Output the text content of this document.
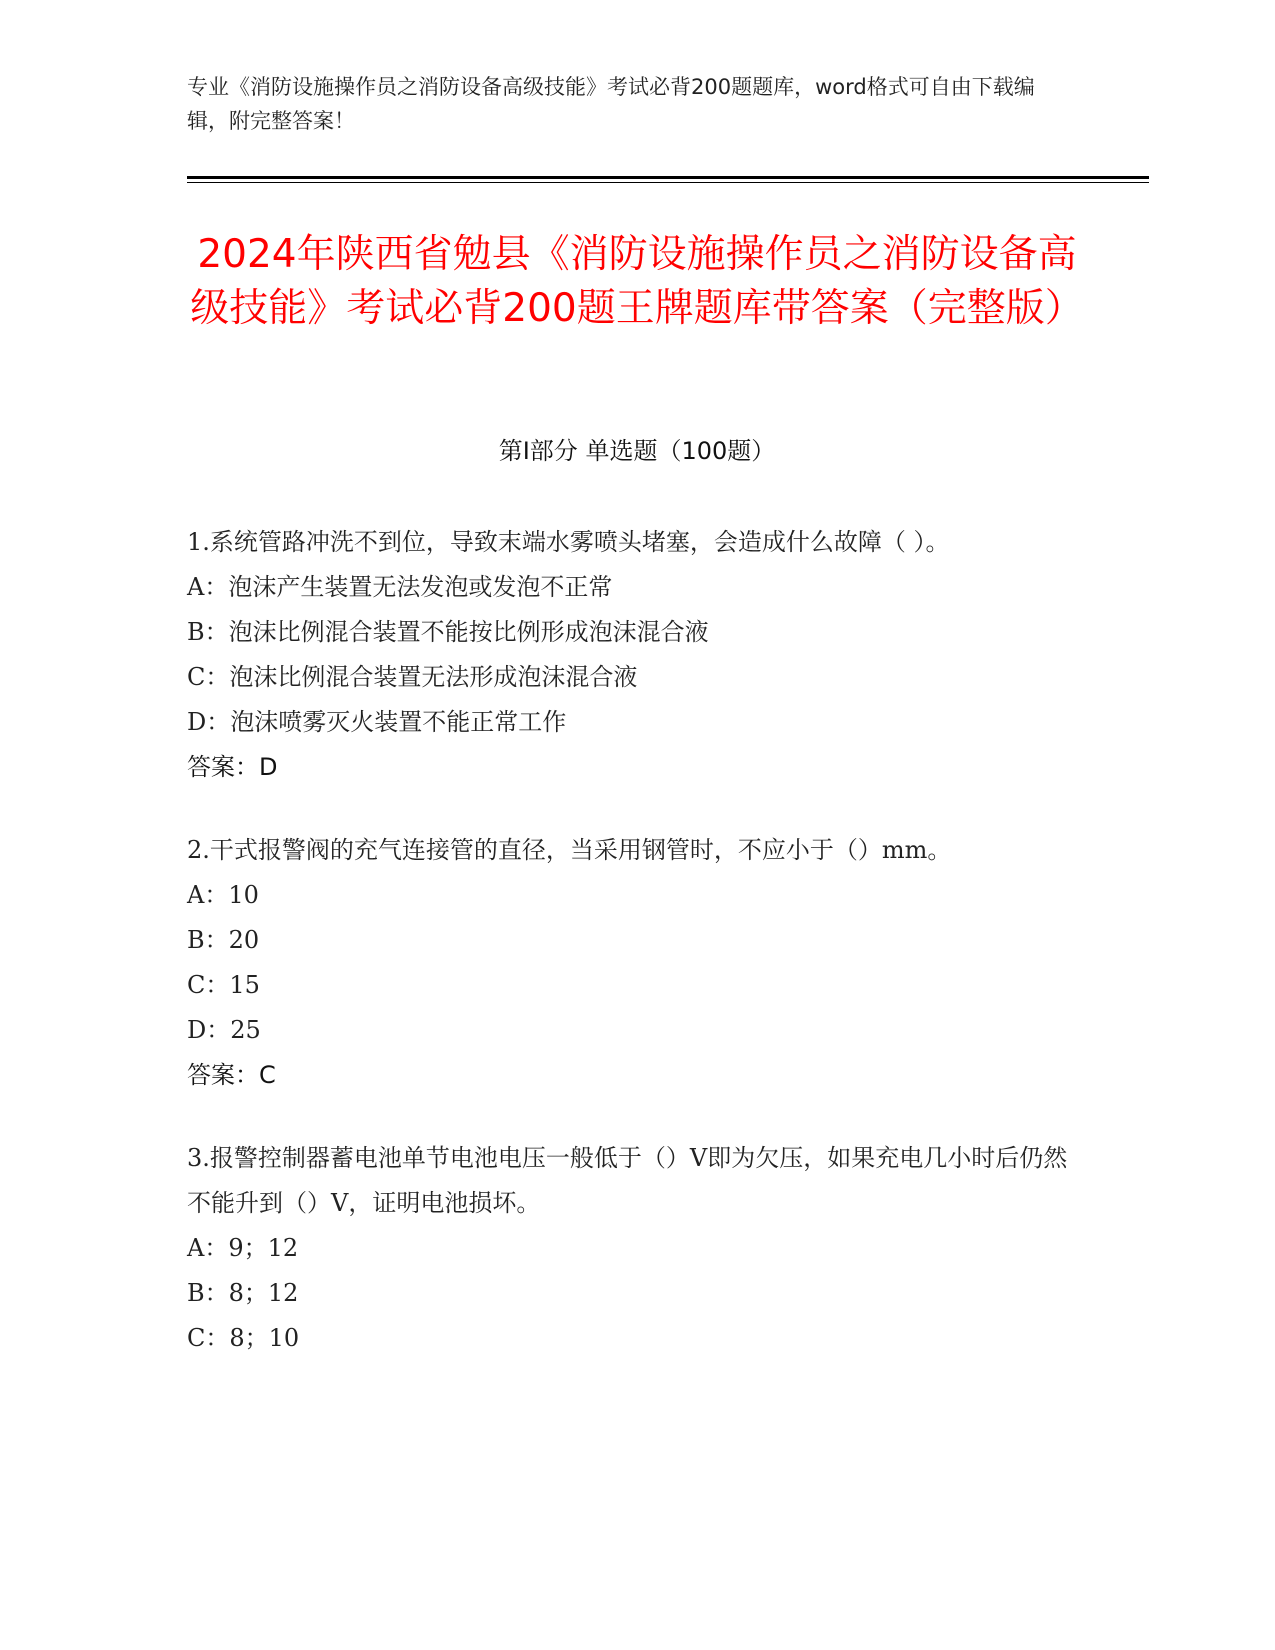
专业《消防设施操作员之消防设备高级技能》考试必背200题题库，word格式可自由下载编辑，附完整答案！
2024年陕西省勉县《消防设施操作员之消防设备高级技能》考试必背200题王牌题库带答案（完整版）
第I部分 单选题（100题）

1.系统管路冲洗不到位，导致末端水雾喷头堵塞，会造成什么故障（ ）。

A：泡沫产生装置无法发泡或发泡不正常

B：泡沫比例混合装置不能按比例形成泡沫混合液

C：泡沫比例混合装置无法形成泡沫混合液

D：泡沫喷雾灭火装置不能正常工作

答案：D

2.干式报警阀的充气连接管的直径，当采用钢管时，不应小于（）mm。

A：10

B：20

C：15

D：25

答案：C

3.报警控制器蓄电池单节电池电压一般低于（）V即为欠压，如果充电几小时后仍然不能升到（）V，证明电池损坏。

A：9；12

B：8；12

C：8；10
